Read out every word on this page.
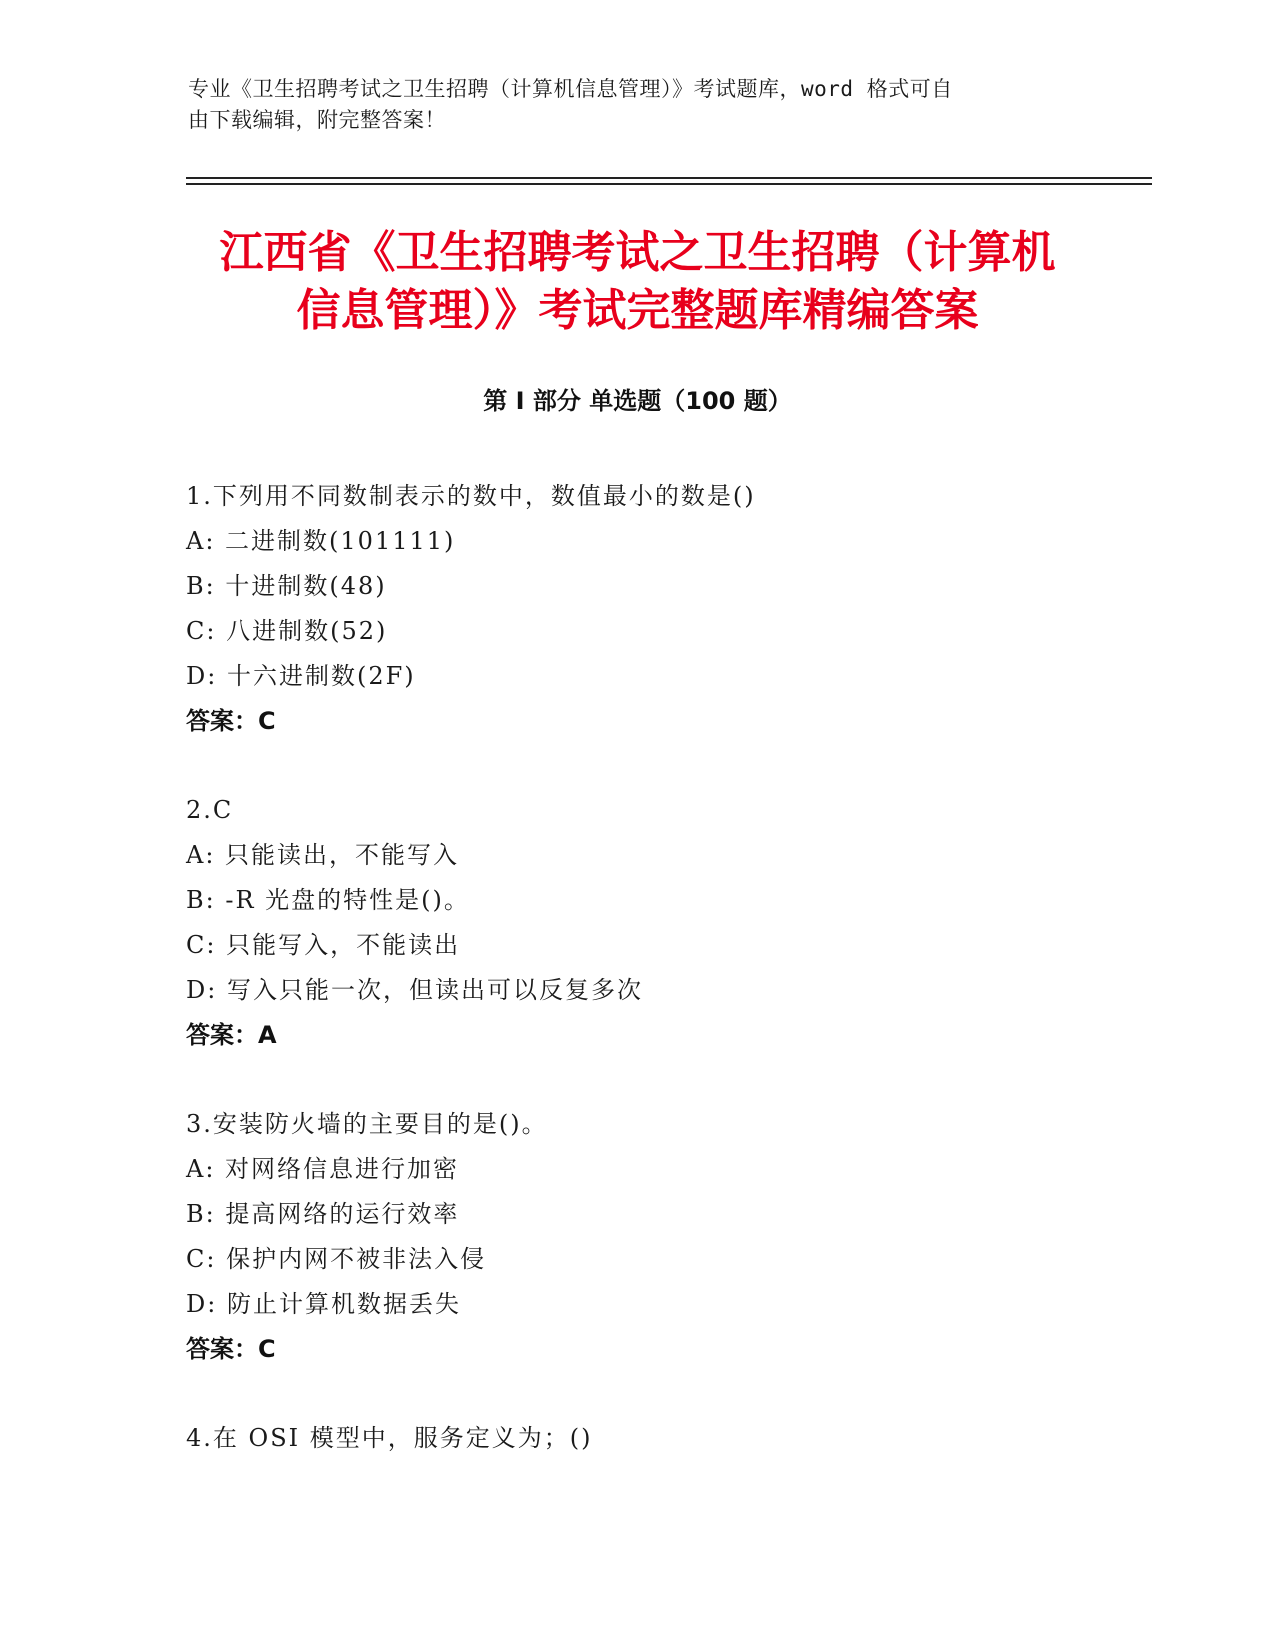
专业《卫生招聘考试之卫生招聘（计算机信息管理）》考试题库，word 格式可自
由下载编辑，附完整答案！
江西省《卫生招聘考试之卫生招聘（计算机
信息管理）》考试完整题库精编答案
第 I 部分 单选题（100 题）
1.下列用不同数制表示的数中，数值最小的数是()
A: 二进制数(101111)
B: 十进制数(48)
C: 八进制数(52)
D: 十六进制数(2F)
答案：C
2.C
A: 只能读出，不能写入
B: -R 光盘的特性是()。
C: 只能写入，不能读出
D: 写入只能一次，但读出可以反复多次
答案：A
3.安装防火墙的主要目的是()。
A: 对网络信息进行加密
B: 提高网络的运行效率
C: 保护内网不被非法入侵
D: 防止计算机数据丢失
答案：C
4.在 OSI 模型中，服务定义为；()
